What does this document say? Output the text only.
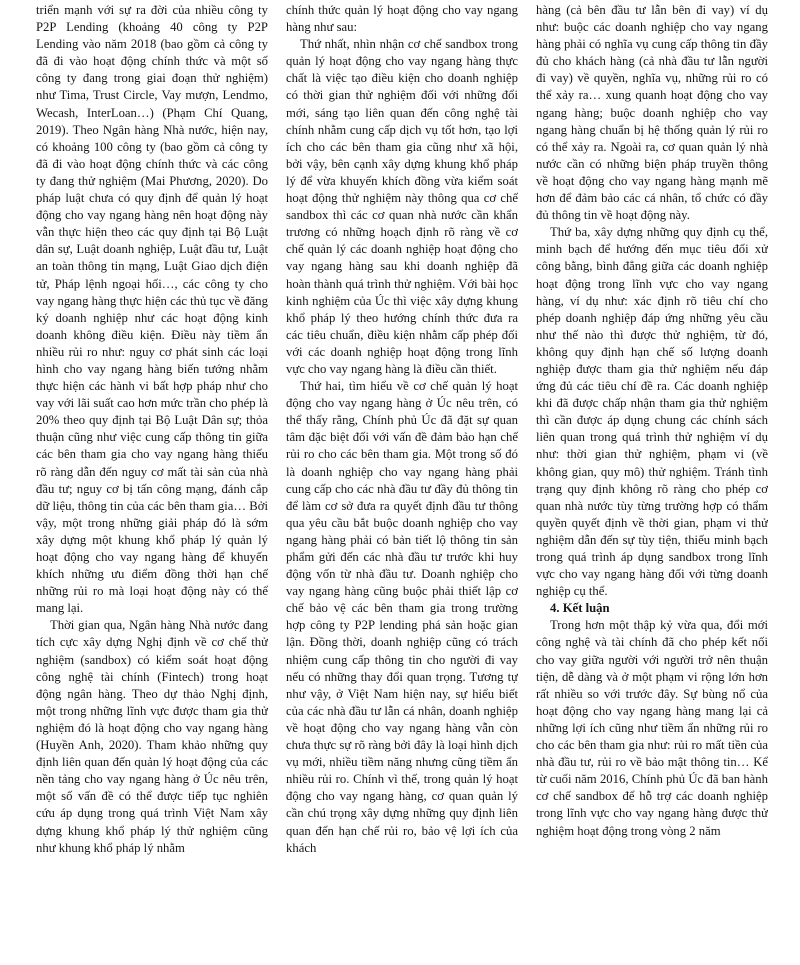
triển mạnh với sự ra đời của nhiều công ty P2P Lending (khoảng 40 công ty P2P Lending vào năm 2018 (bao gồm cả công ty đã đi vào hoạt động chính thức và một số công ty đang trong giai đoạn thử nghiệm) như Tima, Trust Circle, Vay mượn, Lendmo, Wecash, InterLoan…) (Phạm Chí Quang, 2019). Theo Ngân hàng Nhà nước, hiện nay, có khoảng 100 công ty (bao gồm cả công ty đã đi vào hoạt động chính thức và các công ty đang thử nghiệm (Mai Phương, 2020). Do pháp luật chưa có quy định để quản lý hoạt động cho vay ngang hàng nên hoạt động này vẫn thực hiện theo các quy định tại Bộ Luật dân sự, Luật doanh nghiệp, Luật đầu tư, Luật an toàn thông tin mạng, Luật Giao dịch điện tử, Pháp lệnh ngoại hối…, các công ty cho vay ngang hàng thực hiện các thủ tục về đăng ký doanh nghiệp như các hoạt động kinh doanh không điều kiện. Điều này tiềm ẩn nhiều rủi ro như: nguy cơ phát sinh các loại hình cho vay ngang hàng biến tướng nhằm thực hiện các hành vi bất hợp pháp như cho vay với lãi suất cao hơn mức trần cho phép là 20% theo quy định tại Bộ Luật Dân sự; thỏa thuận cũng như việc cung cấp thông tin giữa các bên tham gia cho vay ngang hàng thiếu rõ ràng dẫn đến nguy cơ mất tài sản của nhà đầu tư; nguy cơ bị tấn công mạng, đánh cắp dữ liệu, thông tin của các bên tham gia… Bởi vậy, một trong những giải pháp đó là sớm xây dựng một khung khổ pháp lý quản lý hoạt động cho vay ngang hàng để khuyến khích những ưu điểm đồng thời hạn chế những rủi ro mà loại hoạt động này có thể mang lại.

Thời gian qua, Ngân hàng Nhà nước đang tích cực xây dựng Nghị định về cơ chế thử nghiệm (sandbox) có kiểm soát hoạt động công nghệ tài chính (Fintech) trong hoạt động ngân hàng. Theo dự thảo Nghị định, một trong những lĩnh vực được tham gia thử nghiệm đó là hoạt động cho vay ngang hàng (Huyền Anh, 2020). Tham khảo những quy định liên quan đến quản lý hoạt động của các nền tảng cho vay ngang hàng ở Úc nêu trên, một số vấn đề có thể được tiếp tục nghiên cứu áp dụng trong quá trình Việt Nam xây dựng khung khổ pháp lý thử nghiệm cũng như khung khổ pháp lý nhằm

chính thức quản lý hoạt động cho vay ngang hàng như sau:

Thứ nhất, nhìn nhận cơ chế sandbox trong quản lý hoạt động cho vay ngang hàng thực chất là việc tạo điều kiện cho doanh nghiệp có thời gian thử nghiệm đối với những đổi mới, sáng tạo liên quan đến công nghệ tài chính nhằm cung cấp dịch vụ tốt hơn, tạo lợi ích cho các bên tham gia cũng như xã hội, bởi vậy, bên cạnh xây dựng khung khổ pháp lý để vừa khuyến khích đồng vừa kiểm soát hoạt động thử nghiệm này thông qua cơ chế sandbox thì các cơ quan nhà nước cần khẩn trương có những hoạch định rõ ràng về cơ chế quản lý các doanh nghiệp hoạt động cho vay ngang hàng sau khi doanh nghiệp đã hoàn thành quá trình thử nghiệm. Với bài học kinh nghiệm của Úc thì việc xây dựng khung khổ pháp lý theo hướng chính thức đưa ra các tiêu chuẩn, điều kiện nhằm cấp phép đối với các doanh nghiệp hoạt động trong lĩnh vực cho vay ngang hàng là điều cần thiết.

Thứ hai, tìm hiểu về cơ chế quản lý hoạt động cho vay ngang hàng ở Úc nêu trên, có thể thấy rằng, Chính phủ Úc đã đặt sự quan tâm đặc biệt đối với vấn đề đảm bảo hạn chế rủi ro cho các bên tham gia. Một trong số đó là doanh nghiệp cho vay ngang hàng phải cung cấp cho các nhà đầu tư đầy đủ thông tin để làm cơ sở đưa ra quyết định đầu tư thông qua yêu cầu bắt buộc doanh nghiệp cho vay ngang hàng phải có bản tiết lộ thông tin sản phẩm gửi đến các nhà đầu tư trước khi huy động vốn từ nhà đầu tư. Doanh nghiệp cho vay ngang hàng cũng buộc phải thiết lập cơ chế bảo vệ các bên tham gia trong trường hợp công ty P2P lending phá sản hoặc gian lận. Đồng thời, doanh nghiệp cũng có trách nhiệm cung cấp thông tin cho người đi vay nếu có những thay đổi quan trọng. Tương tự như vậy, ở Việt Nam hiện nay, sự hiểu biết của các nhà đầu tư lẫn cá nhân, doanh nghiệp về hoạt động cho vay ngang hàng vẫn còn chưa thực sự rõ ràng bởi đây là loại hình dịch vụ mới, nhiều tiềm năng nhưng cũng tiềm ẩn nhiều rủi ro. Chính vì thế, trong quản lý hoạt động cho vay ngang hàng, cơ quan quản lý cần chú trọng xây dựng những quy định liên quan đến hạn chế rủi ro, bảo vệ lợi ích của khách

hàng (cả bên đầu tư lẫn bên đi vay) ví dụ như: buộc các doanh nghiệp cho vay ngang hàng phải có nghĩa vụ cung cấp thông tin đầy đủ cho khách hàng (cả nhà đầu tư lẫn người đi vay) về quyền, nghĩa vụ, những rủi ro có thể xảy ra… xung quanh hoạt động cho vay ngang hàng; buộc doanh nghiệp cho vay ngang hàng chuẩn bị hệ thống quản lý rủi ro có thể xảy ra. Ngoài ra, cơ quan quản lý nhà nước cần có những biện pháp truyền thông về hoạt động cho vay ngang hàng mạnh mẽ hơn để đảm bảo các cá nhân, tổ chức có đầy đủ thông tin về hoạt động này.

Thứ ba, xây dựng những quy định cụ thể, minh bạch để hướng đến mục tiêu đối xử công bằng, bình đẳng giữa các doanh nghiệp hoạt động trong lĩnh vực cho vay ngang hàng, ví dụ như: xác định rõ tiêu chí cho phép doanh nghiệp đáp ứng những yêu cầu như thế nào thì được thử nghiệm, từ đó, không quy định hạn chế số lượng doanh nghiệp được tham gia thử nghiệm nếu đáp ứng đủ các tiêu chí đề ra. Các doanh nghiệp khi đã được chấp nhận tham gia thử nghiệm thì cần được áp dụng chung các chính sách liên quan trong quá trình thử nghiệm ví dụ như: thời gian thử nghiệm, phạm vi (về không gian, quy mô) thử nghiệm. Tránh tình trạng quy định không rõ ràng cho phép cơ quan nhà nước tùy từng trường hợp có thẩm quyền quyết định về thời gian, phạm vi thử nghiệm dẫn đến sự tùy tiện, thiếu minh bạch trong quá trình áp dụng sandbox trong lĩnh vực cho vay ngang hàng đối với từng doanh nghiệp cụ thể.

4. Kết luận

Trong hơn một thập kỷ vừa qua, đổi mới công nghệ và tài chính đã cho phép kết nối cho vay giữa người với người trở nên thuận tiện, dễ dàng và ở một phạm vi rộng lớn hơn rất nhiều so với trước đây. Sự bùng nổ của hoạt động cho vay ngang hàng mang lại cả những lợi ích cũng như tiềm ẩn những rủi ro cho các bên tham gia như: rủi ro mất tiền của nhà đầu tư, rủi ro về bảo mật thông tin… Kể từ cuối năm 2016, Chính phủ Úc đã ban hành cơ chế sandbox để hỗ trợ các doanh nghiệp trong lĩnh vực cho vay ngang hàng được thử nghiệm hoạt động trong vòng 2 năm
